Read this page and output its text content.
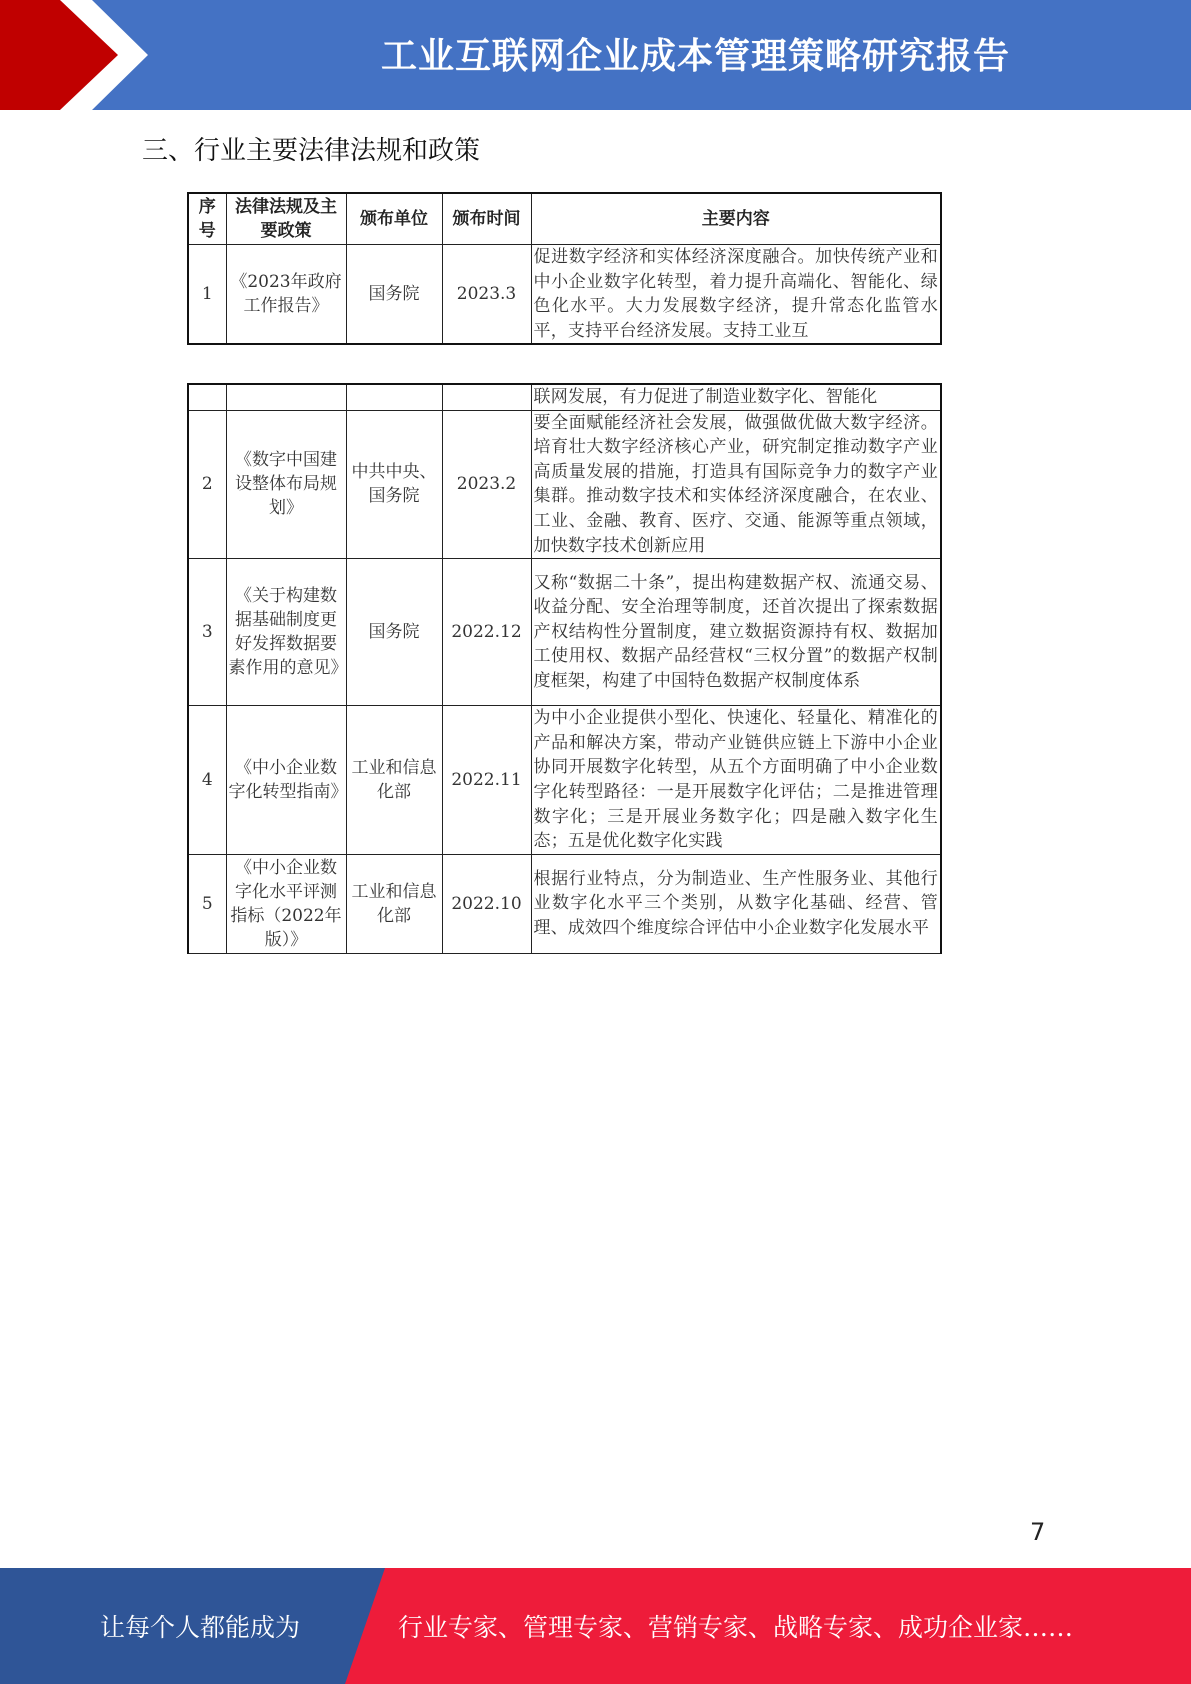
工业互联网企业成本管理策略研究报告
三、行业主要法律法规和政策
序号	法律法规及主要政策	颁布单位	颁布时间	主要内容
1	《2023年政府工作报告》	国务院	2023.3	促进数字经济和实体经济深度融合。加快传统产业和中小企业数字化转型，着力提升高端化、智能化、绿色化水平。大力发展数字经济，提升常态化监管水平，支持平台经济发展。支持工业互
				联网发展，有力促进了制造业数字化、智能化
2	《数字中国建设整体布局规划》	中共中央、国务院	2023.2	要全面赋能经济社会发展，做强做优做大数字经济。培育壮大数字经济核心产业，研究制定推动数字产业高质量发展的措施，打造具有国际竞争力的数字产业集群。推动数字技术和实体经济深度融合，在农业、工业、金融、教育、医疗、交通、能源等重点领域，加快数字技术创新应用
3	《关于构建数据基础制度更好发挥数据要素作用的意见》	国务院	2022.12	又称“数据二十条”，提出构建数据产权、流通交易、收益分配、安全治理等制度，还首次提出了探索数据产权结构性分置制度，建立数据资源持有权、数据加工使用权、数据产品经营权“三权分置”的数据产权制度框架，构建了中国特色数据产权制度体系
4	《中小企业数字化转型指南》	工业和信息化部	2022.11	为中小企业提供小型化、快速化、轻量化、精准化的产品和解决方案，带动产业链供应链上下游中小企业协同开展数字化转型，从五个方面明确了中小企业数字化转型路径：一是开展数字化评估；二是推进管理数字化；三是开展业务数字化；四是融入数字化生态；五是优化数字化实践
5	《中小企业数字化水平评测指标（2022年版）》	工业和信息化部	2022.10	根据行业特点，分为制造业、生产性服务业、其他行业数字化水平三个类别，从数字化基础、经营、管理、成效四个维度综合评估中小企业数字化发展水平
7
让每个人都能成为	行业专家、管理专家、营销专家、战略专家、成功企业家……
